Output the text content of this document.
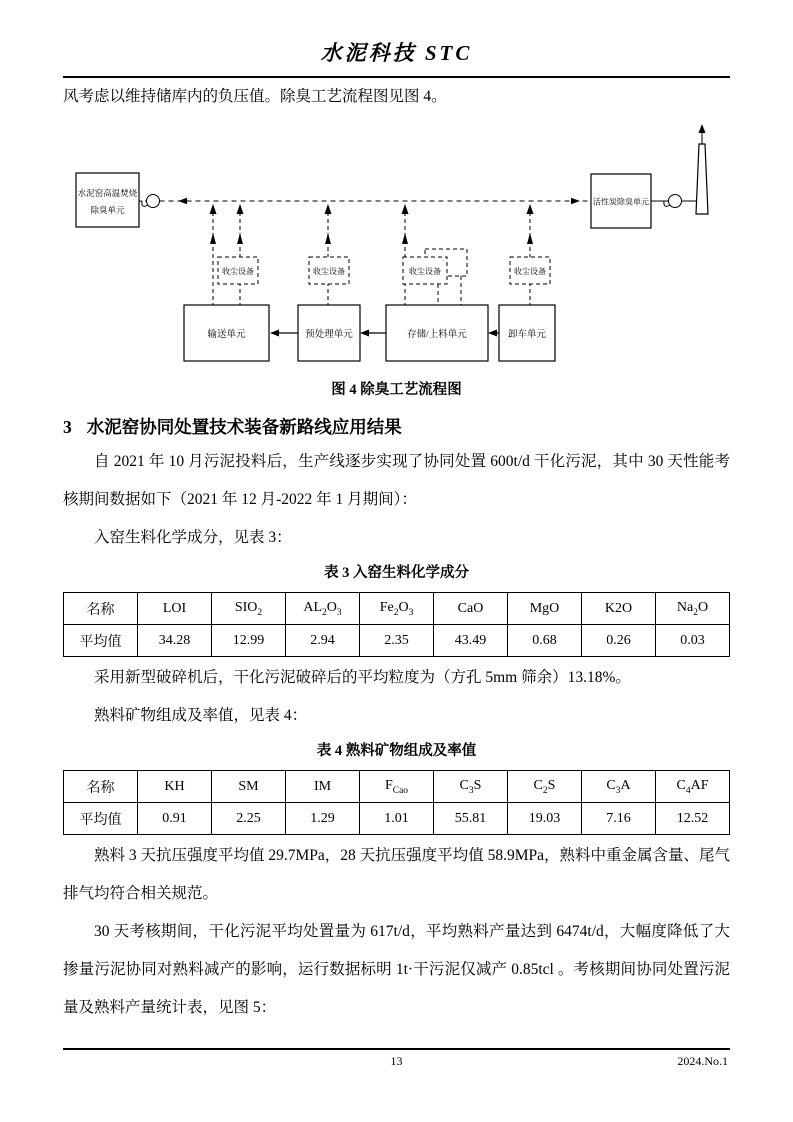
水泥科技 STC

风考虑以维持储库内的负压值。除臭工艺流程图见图 4。

收尘设备	收尘设备	收尘设备	收尘设备
输送单元	预处理单元	存储/上料单元	卸车单元
水泥窑高温焚烧
除臭单元
活性炭除臭单元

图 4 除臭工艺流程图

3 水泥窑协同处置技术装备新路线应用结果

自 2021 年 10 月污泥投料后，生产线逐步实现了协同处置 600t/d 干化污泥，其中 30 天性能考核期间数据如下（2021 年 12 月-2022 年 1 月期间）：

入窑生料化学成分，见表 3：

表 3 入窑生料化学成分

名称	LOI	$SIO_2$	$AL_2O_3$	$Fe_2O_3$	CaO	MgO	K2O	$Na_2O$
平均值	34.28	12.99	2.94	2.35	43.49	0.68	0.26	0.03

采用新型破碎机后，干化污泥破碎后的平均粒度为（方孔 5mm 筛余）13.18%。

熟料矿物组成及率值，见表 4：

表 4 熟料矿物组成及率值

名称	KH	SM	IM	$F_{Cao}$	$C_3S$	$C_2S$	$C_3A$	$C_4AF$
平均值	0.91	2.25	1.29	1.01	55.81	19.03	7.16	12.52

熟料 3 天抗压强度平均值 29.7MPa，28 天抗压强度平均值 58.9MPa，熟料中重金属含量、尾气排气均符合相关规范。

30 天考核期间，干化污泥平均处置量为 617t/d，平均熟料产量达到 6474t/d，大幅度降低了大掺量污泥协同对熟料减产的影响，运行数据标明 1t·干污泥仅减产 0.85tcl 。考核期间协同处置污泥量及熟料产量统计表，见图 5：

13	2024.No.1
